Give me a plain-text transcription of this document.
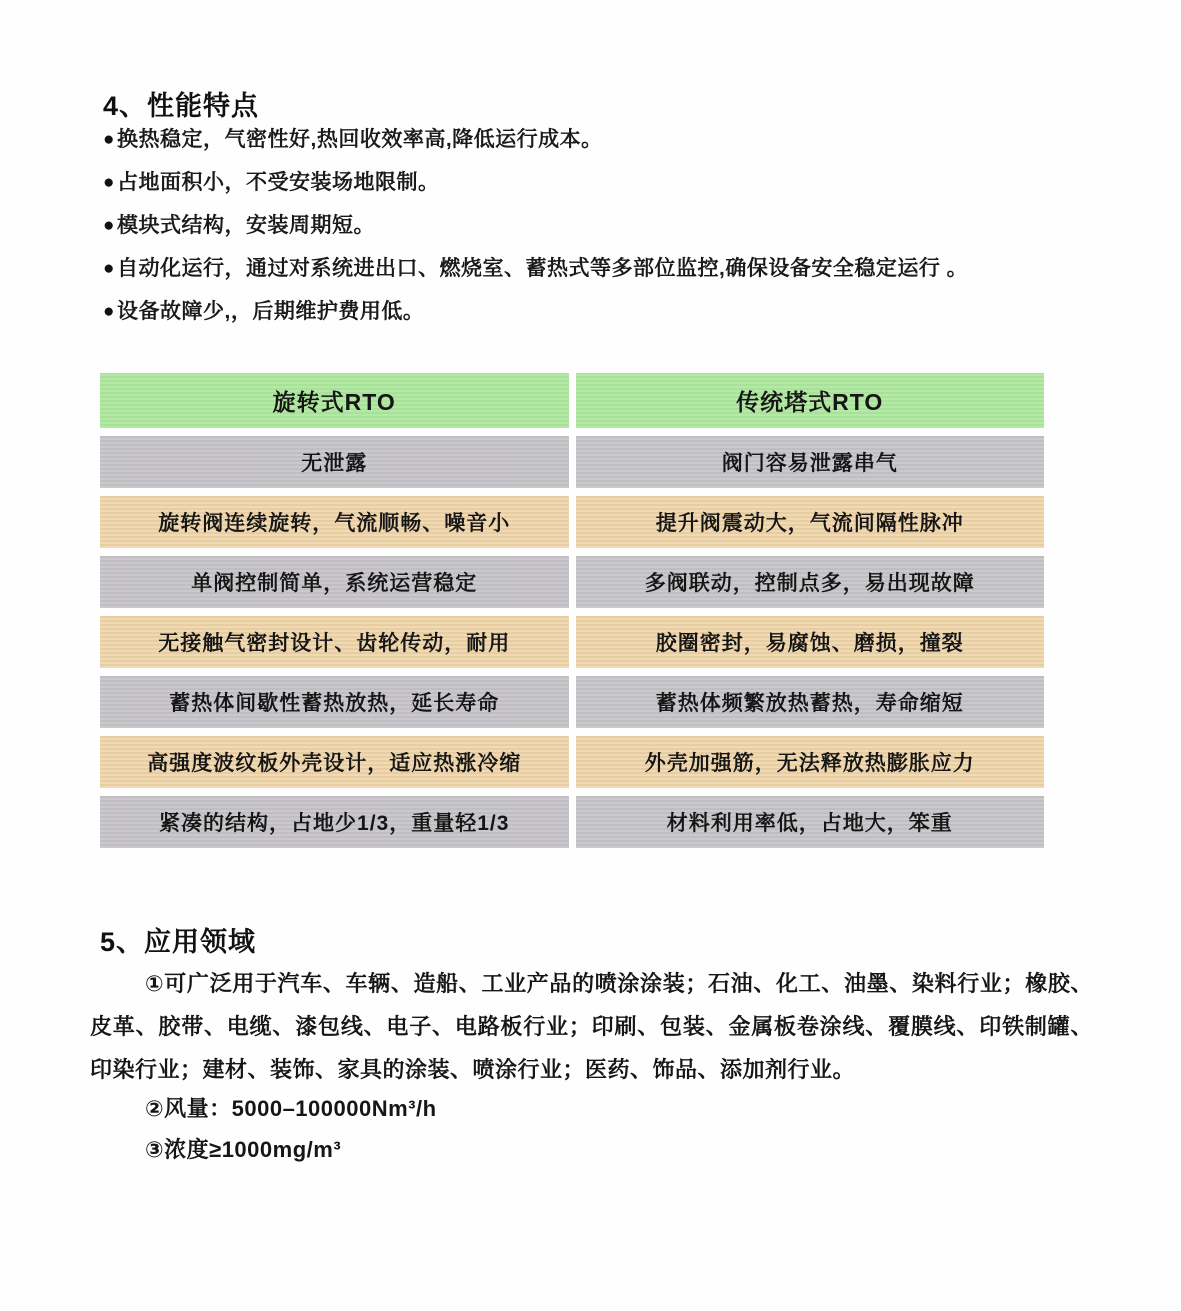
4、性能特点
● 换热稳定，气密性好,热回收效率高,降低运行成本。
● 占地面积小，不受安装场地限制。
● 模块式结构，安装周期短。
● 自动化运行，通过对系统进出口、燃烧室、蓄热式等多部位监控,确保设备安全稳定运行 。
● 设备故障少,，后期维护费用低。
旋转式RTO	传统塔式RTO
无泄露	阀门容易泄露串气
旋转阀连续旋转，气流顺畅、噪音小	提升阀震动大，气流间隔性脉冲
单阀控制简单，系统运营稳定	多阀联动，控制点多，易出现故障
无接触气密封设计、齿轮传动，耐用	胶圈密封，易腐蚀、磨损，撞裂
蓄热体间歇性蓄热放热，延长寿命	蓄热体频繁放热蓄热，寿命缩短
高强度波纹板外壳设计，适应热涨冷缩	外壳加强筋，无法释放热膨胀应力
紧凑的结构，占地少1/3，重量轻1/3	材料利用率低，占地大，笨重
5、应用领域

①可广泛用于汽车、车辆、造船、工业产品的喷涂涂装；石油、化工、油墨、染料行业；橡胶、皮革、胶带、电缆、漆包线、电子、电路板行业；印刷、包装、金属板卷涂线、覆膜线、印铁制罐、印染行业；建材、装饰、家具的涂装、喷涂行业；医药、饰品、添加剂行业。

②风量：5000–100000Nm³/h

③浓度≥1000mg/m³
